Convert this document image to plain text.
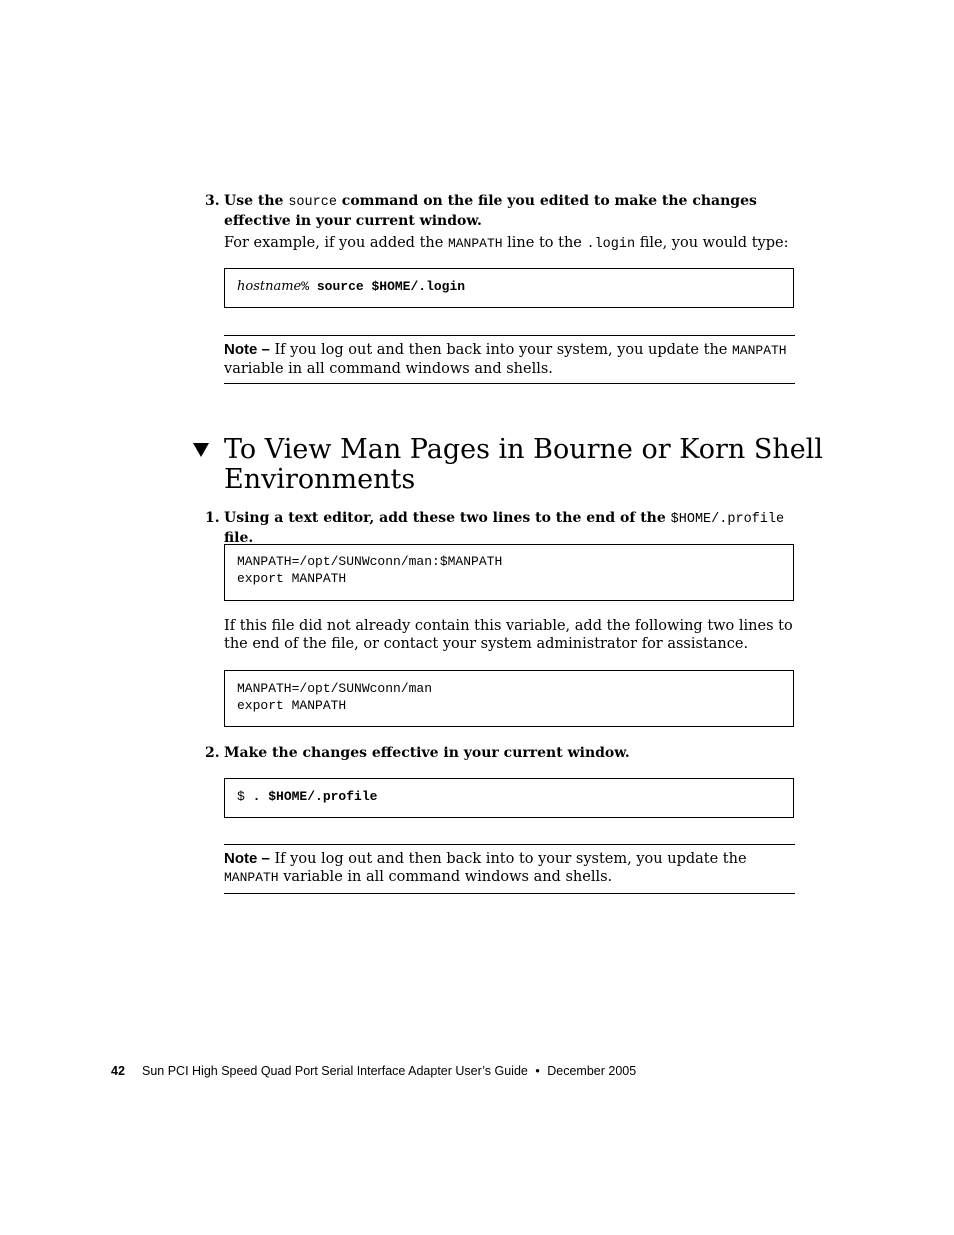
3. Use the source command on the file you edited to make the changes effective in your current window.
For example, if you added the MANPATH line to the .login file, you would type:
hostname% source $HOME/.login
Note – If you log out and then back into your system, you update the MANPATH variable in all command windows and shells.
To View Man Pages in Bourne or Korn Shell Environments
1. Using a text editor, add these two lines to the end of the $HOME/.profile file.
MANPATH=/opt/SUNWconn/man:$MANPATH
export MANPATH
If this file did not already contain this variable, add the following two lines to the end of the file, or contact your system administrator for assistance.
MANPATH=/opt/SUNWconn/man
export MANPATH
2. Make the changes effective in your current window.
$ . $HOME/.profile
Note – If you log out and then back into to your system, you update the MANPATH variable in all command windows and shells.
42 Sun PCI High Speed Quad Port Serial Interface Adapter User’s Guide • December 2005
